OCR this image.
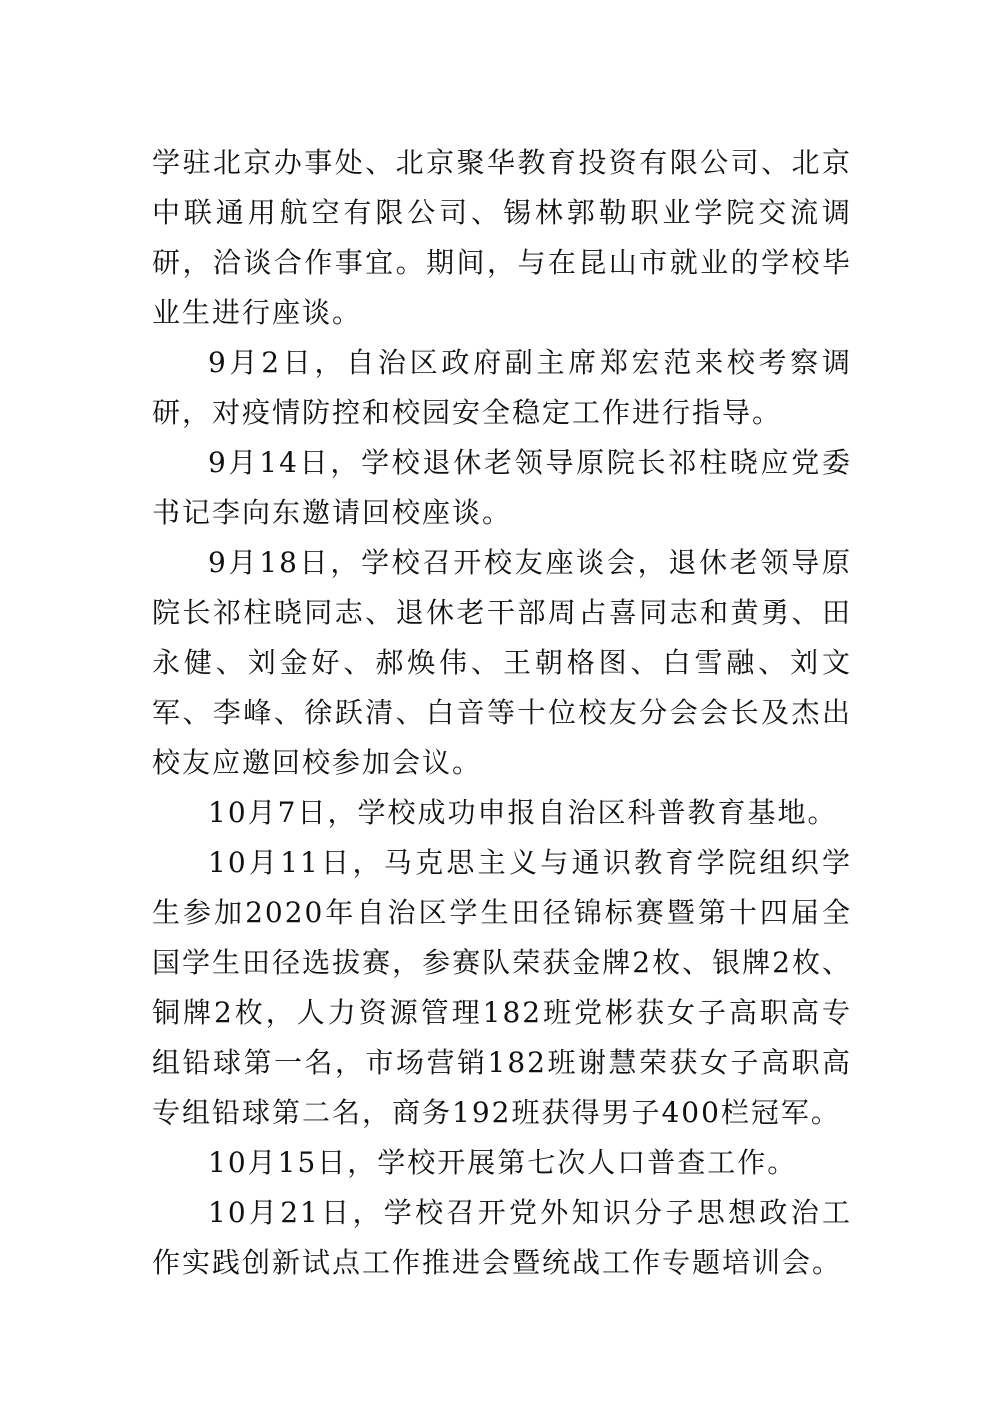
学驻北京办事处、北京聚华教育投资有限公司、北京中联通用航空有限公司、锡林郭勒职业学院交流调研，洽谈合作事宜。期间，与在昆山市就业的学校毕业生进行座谈。

9月2日，自治区政府副主席郑宏范来校考察调研，对疫情防控和校园安全稳定工作进行指导。

9月14日，学校退休老领导原院长祁柱晓应党委书记李向东邀请回校座谈。

9月18日，学校召开校友座谈会，退休老领导原院长祁柱晓同志、退休老干部周占喜同志和黄勇、田永健、刘金好、郝焕伟、王朝格图、白雪融、刘文军、李峰、徐跃清、白音等十位校友分会会长及杰出校友应邀回校参加会议。

10月7日，学校成功申报自治区科普教育基地。

10月11日，马克思主义与通识教育学院组织学生参加2020年自治区学生田径锦标赛暨第十四届全国学生田径选拔赛，参赛队荣获金牌2枚、银牌2枚、铜牌2枚，人力资源管理182班党彬获女子高职高专组铅球第一名，市场营销182班谢慧荣获女子高职高专组铅球第二名，商务192班获得男子400栏冠军。

10月15日，学校开展第七次人口普查工作。

10月21日，学校召开党外知识分子思想政治工作实践创新试点工作推进会暨统战工作专题培训会。
